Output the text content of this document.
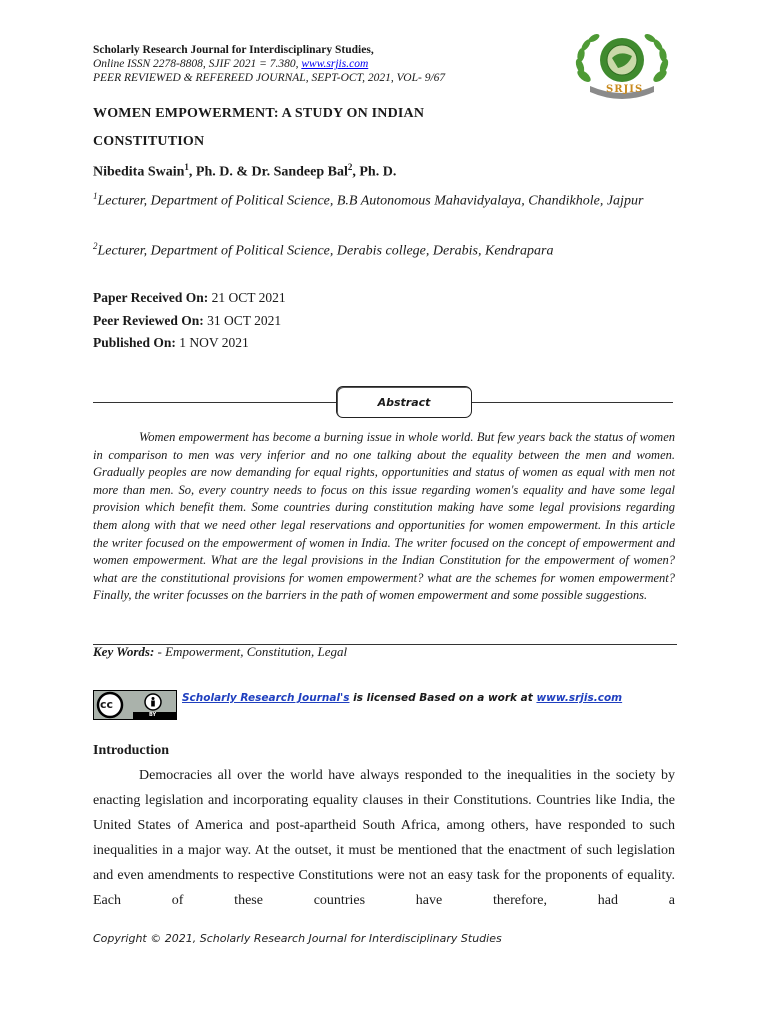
Scholarly Research Journal for Interdisciplinary Studies,
Online ISSN 2278-8808, SJIF 2021 = 7.380, www.srjis.com
PEER REVIEWED & REFEREED JOURNAL, SEPT-OCT, 2021, VOL- 9/67
SRJIS
WOMEN EMPOWERMENT: A STUDY ON INDIAN
CONSTITUTION
Nibedita Swain$^1$, Ph. D. & Dr. Sandeep Bal$^2$, Ph. D.
$^1$Lecturer, Department of Political Science, B.B Autonomous Mahavidyalaya, Chandikhole, Jajpur
$^2$Lecturer, Department of Political Science, Derabis college, Derabis, Kendrapara
Paper Received On: 21 OCT 2021
Peer Reviewed On: 31 OCT 2021
Published On: 1 NOV 2021
Abstract
Women empowerment has become a burning issue in whole world. But few years back the status of women in comparison to men was very inferior and no one talking about the equality between the men and women. Gradually peoples are now demanding for equal rights, opportunities and status of women as equal with men not more than men. So, every country needs to focus on this issue regarding women's equality and have some legal provision which benefit them. Some countries during constitution making have some legal provisions regarding them along with that we need other legal reservations and opportunities for women empowerment. In this article the writer focused on the empowerment of women in India. The writer focused on the concept of empowerment and women empowerment. What are the legal provisions in the Indian Constitution for the empowerment of women? what are the constitutional provisions for women empowerment? what are the schemes for women empowerment? Finally, the writer focusses on the barriers in the path of women empowerment and some possible suggestions.
Key Words: - Empowerment, Constitution, Legal
cc
BY
Scholarly Research Journal's is licensed Based on a work at www.srjis.com
Introduction
Democracies all over the world have always responded to the inequalities in the society by enacting legislation and incorporating equality clauses in their Constitutions. Countries like India, the United States of America and post-apartheid South Africa, among others, have responded to such inequalities in a major way. At the outset, it must be mentioned that the enactment of such legislation and even amendments to respective Constitutions were not an easy task for the proponents of equality. Each of these countries have therefore, had a
Copyright © 2021, Scholarly Research Journal for Interdisciplinary Studies
